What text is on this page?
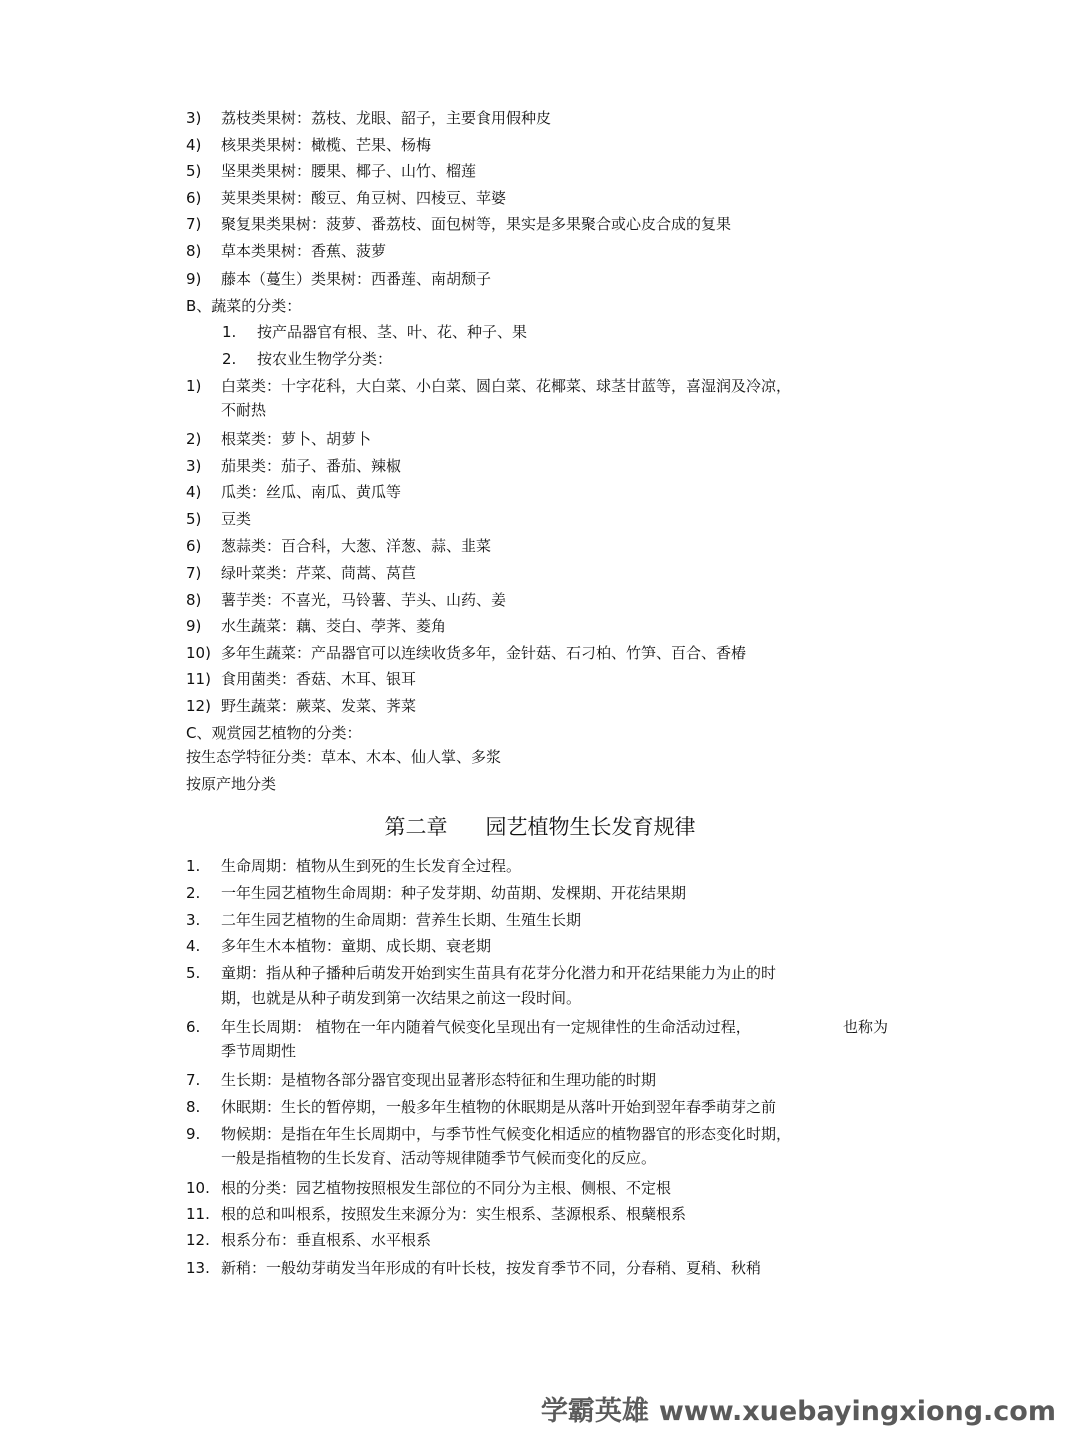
3) 荔枝类果树：荔枝、龙眼、韶子，主要食用假种皮
4) 核果类果树：橄榄、芒果、杨梅
5) 坚果类果树：腰果、椰子、山竹、榴莲
6) 荚果类果树：酸豆、角豆树、四棱豆、苹婆
7) 聚复果类果树：菠萝、番荔枝、面包树等，果实是多果聚合或心皮合成的复果
8) 草本类果树：香蕉、菠萝
9) 藤本（蔓生）类果树：西番莲、南胡颓子
B、蔬菜的分类：
1. 按产品器官有根、茎、叶、花、种子、果
2. 按农业生物学分类：
1) 白菜类：十字花科，大白菜、小白菜、圆白菜、花椰菜、球茎甘蓝等，喜湿润及冷凉，
不耐热
2) 根菜类：萝卜、胡萝卜
3) 茄果类：茄子、番茄、辣椒
4) 瓜类：丝瓜、南瓜、黄瓜等
5) 豆类
6) 葱蒜类：百合科，大葱、洋葱、蒜、韭菜
7) 绿叶菜类：芹菜、茼蒿、莴苣
8) 薯芋类：不喜光，马铃薯、芋头、山药、姜
9) 水生蔬菜：藕、茭白、荸荠、菱角
10) 多年生蔬菜：产品器官可以连续收货多年，金针菇、石刁柏、竹笋、百合、香椿
11) 食用菌类：香菇、木耳、银耳
12) 野生蔬菜：蕨菜、发菜、荠菜
C、观赏园艺植物的分类：
按生态学特征分类：草本、木本、仙人掌、多浆
按原产地分类
第二章 园艺植物生长发育规律
1. 生命周期：植物从生到死的生长发育全过程。
2. 一年生园艺植物生命周期：种子发芽期、幼苗期、发棵期、开花结果期
3. 二年生园艺植物的生命周期：营养生长期、生殖生长期
4. 多年生木本植物：童期、成长期、衰老期
5. 童期：指从种子播种后萌发开始到实生苗具有花芽分化潜力和开花结果能力为止的时
期，也就是从种子萌发到第一次结果之前这一段时间。
6. 年生长周期： 植物在一年内随着气候变化呈现出有一定规律性的生命活动过程，	也称为
季节周期性
7. 生长期：是植物各部分器官变现出显著形态特征和生理功能的时期
8. 休眠期：生长的暂停期，一般多年生植物的休眠期是从落叶开始到翌年春季萌芽之前
9. 物候期：是指在年生长周期中，与季节性气候变化相适应的植物器官的形态变化时期，
一般是指植物的生长发育、活动等规律随季节气候而变化的反应。
10. 根的分类：园艺植物按照根发生部位的不同分为主根、侧根、不定根
11. 根的总和叫根系，按照发生来源分为：实生根系、茎源根系、根蘖根系
12. 根系分布：垂直根系、水平根系
13. 新稍：一般幼芽萌发当年形成的有叶长枝，按发育季节不同，分春稍、夏稍、秋稍
学霸英雄 www.xuebayingxiong.com
